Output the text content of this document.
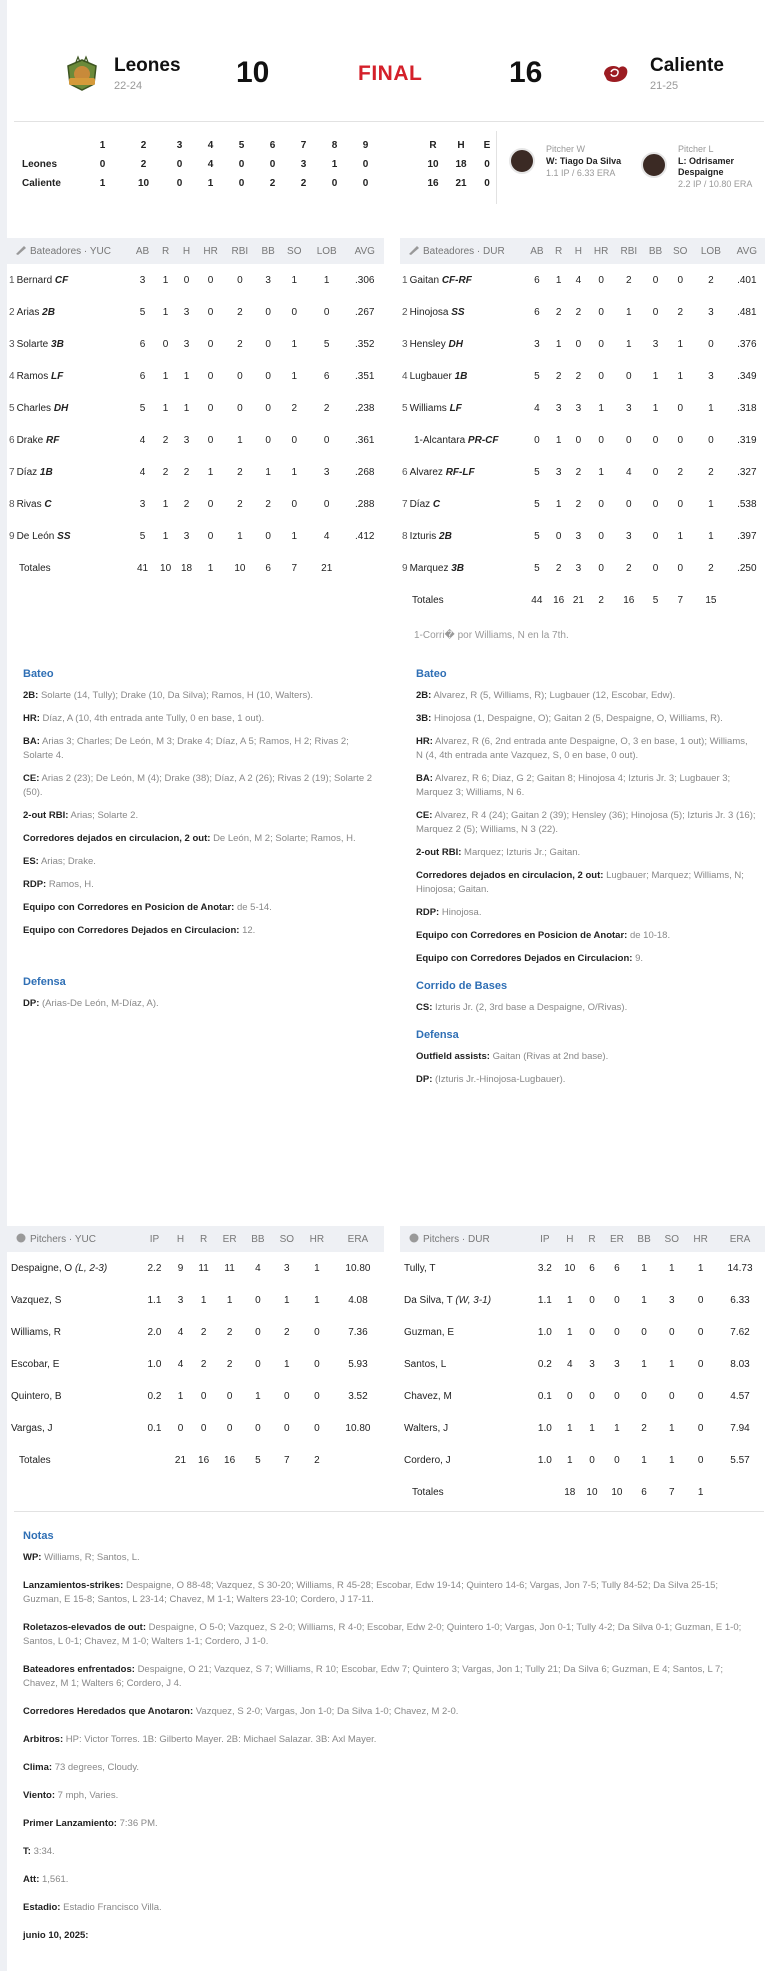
Leones
22-24	10	FINAL	16	Caliente
21-25
	1	2	3	4	5	6	7	8	9		R	H	E
Leones	0	2	0	4	0	0	3	1	0		10	18	0
Caliente	1	10	0	1	0	2	2	0	0		16	21	0
Pitcher W
W: Tiago Da Silva
1.1 IP / 6.33 ERA
Pitcher L
L: Odrisamer
Despaigne
2.2 IP / 10.80 ERA
Bateadores · YUC	AB	R	H	HR	RBI	BB	SO	LOB	AVG
1 Bernard CF	3	1	0	0	0	3	1	1	.306
2 Arias 2B	5	1	3	0	2	0	0	0	.267
3 Solarte 3B	6	0	3	0	2	0	1	5	.352
4 Ramos LF	6	1	1	0	0	0	1	6	.351
5 Charles DH	5	1	1	0	0	0	2	2	.238
6 Drake RF	4	2	3	0	1	0	0	0	.361
7 Díaz 1B	4	2	2	1	2	1	1	3	.268
8 Rivas C	3	1	2	0	2	2	0	0	.288
9 De León SS	5	1	3	0	1	0	1	4	.412
Totales	41	10	18	1	10	6	7	21	
Bateadores · DUR	AB	R	H	HR	RBI	BB	SO	LOB	AVG
1 Gaitan CF-RF	6	1	4	0	2	0	0	2	.401
2 Hinojosa SS	6	2	2	0	1	0	2	3	.481
3 Hensley DH	3	1	0	0	1	3	1	0	.376
4 Lugbauer 1B	5	2	2	0	0	1	1	3	.349
5 Williams LF	4	3	3	1	3	1	0	1	.318
1-Alcantara PR-CF	0	1	0	0	0	0	0	0	.319
6 Alvarez RF-LF	5	3	2	1	4	0	2	2	.327
7 Díaz C	5	1	2	0	0	0	0	1	.538
8 Izturis 2B	5	0	3	0	3	0	1	1	.397
9 Marquez 3B	5	2	3	0	2	0	0	2	.250
Totales	44	16	21	2	16	5	7	15	
1-Corri� por Williams, N en la 7th.
Bateo
2B: Solarte (14, Tully); Drake (10, Da Silva); Ramos, H (10, Walters).
HR: Díaz, A (10, 4th entrada ante Tully, 0 en base, 1 out).
BA: Arias 3; Charles; De León, M 3; Drake 4; Díaz, A 5; Ramos, H 2; Rivas 2; Solarte 4.
CE: Arias 2 (23); De León, M (4); Drake (38); Díaz, A 2 (26); Rivas 2 (19); Solarte 2 (50).
2-out RBI: Arias; Solarte 2.
Corredores dejados en circulacion, 2 out: De León, M 2; Solarte; Ramos, H.
ES: Arias; Drake.
RDP: Ramos, H.
Equipo con Corredores en Posicion de Anotar: de 5-14.
Equipo con Corredores Dejados en Circulacion: 12.
Defensa
DP: (Arias-De León, M-Díaz, A).
Bateo
2B: Alvarez, R (5, Williams, R); Lugbauer (12, Escobar, Edw).
3B: Hinojosa (1, Despaigne, O); Gaitan 2 (5, Despaigne, O, Williams, R).
HR: Alvarez, R (6, 2nd entrada ante Despaigne, O, 3 en base, 1 out); Williams, N (4, 4th entrada ante Vazquez, S, 0 en base, 0 out).
BA: Alvarez, R 6; Diaz, G 2; Gaitan 8; Hinojosa 4; Izturis Jr. 3; Lugbauer 3; Marquez 3; Williams, N 6.
CE: Alvarez, R 4 (24); Gaitan 2 (39); Hensley (36); Hinojosa (5); Izturis Jr. 3 (16); Marquez 2 (5); Williams, N 3 (22).
2-out RBI: Marquez; Izturis Jr.; Gaitan.
Corredores dejados en circulacion, 2 out: Lugbauer; Marquez; Williams, N; Hinojosa; Gaitan.
RDP: Hinojosa.
Equipo con Corredores en Posicion de Anotar: de 10-18.
Equipo con Corredores Dejados en Circulacion: 9.
Corrido de Bases
CS: Izturis Jr. (2, 3rd base a Despaigne, O/Rivas).
Defensa
Outfield assists: Gaitan (Rivas at 2nd base).
DP: (Izturis Jr.-Hinojosa-Lugbauer).
Pitchers · YUC	IP	H	R	ER	BB	SO	HR	ERA
Despaigne, O (L, 2-3)	2.2	9	11	11	4	3	1	10.80
Vazquez, S	1.1	3	1	1	0	1	1	4.08
Williams, R	2.0	4	2	2	0	2	0	7.36
Escobar, E	1.0	4	2	2	0	1	0	5.93
Quintero, B	0.2	1	0	0	1	0	0	3.52
Vargas, J	0.1	0	0	0	0	0	0	10.80
Totales		21	16	16	5	7	2	
Pitchers · DUR	IP	H	R	ER	BB	SO	HR	ERA
Tully, T	3.2	10	6	6	1	1	1	14.73
Da Silva, T (W, 3-1)	1.1	1	0	0	1	3	0	6.33
Guzman, E	1.0	1	0	0	0	0	0	7.62
Santos, L	0.2	4	3	3	1	1	0	8.03
Chavez, M	0.1	0	0	0	0	0	0	4.57
Walters, J	1.0	1	1	1	2	1	0	7.94
Cordero, J	1.0	1	0	0	1	1	0	5.57
Totales		18	10	10	6	7	1	
Notas
WP: Williams, R; Santos, L.
Lanzamientos-strikes: Despaigne, O 88-48; Vazquez, S 30-20; Williams, R 45-28; Escobar, Edw 19-14; Quintero 14-6; Vargas, Jon 7-5; Tully 84-52; Da Silva 25-15; Guzman, E 15-8; Santos, L 23-14; Chavez, M 1-1; Walters 23-10; Cordero, J 17-11.
Roletazos-elevados de out: Despaigne, O 5-0; Vazquez, S 2-0; Williams, R 4-0; Escobar, Edw 2-0; Quintero 1-0; Vargas, Jon 0-1; Tully 4-2; Da Silva 0-1; Guzman, E 1-0; Santos, L 0-1; Chavez, M 1-0; Walters 1-1; Cordero, J 1-0.
Bateadores enfrentados: Despaigne, O 21; Vazquez, S 7; Williams, R 10; Escobar, Edw 7; Quintero 3; Vargas, Jon 1; Tully 21; Da Silva 6; Guzman, E 4; Santos, L 7; Chavez, M 1; Walters 6; Cordero, J 4.
Corredores Heredados que Anotaron: Vazquez, S 2-0; Vargas, Jon 1-0; Da Silva 1-0; Chavez, M 2-0.
Arbitros: HP: Victor Torres. 1B: Gilberto Mayer. 2B: Michael Salazar. 3B: Axl Mayer.
Clima: 73 degrees, Cloudy.
Viento: 7 mph, Varies.
Primer Lanzamiento: 7:36 PM.
T: 3:34.
Att: 1,561.
Estadio: Estadio Francisco Villa.
junio 10, 2025:
